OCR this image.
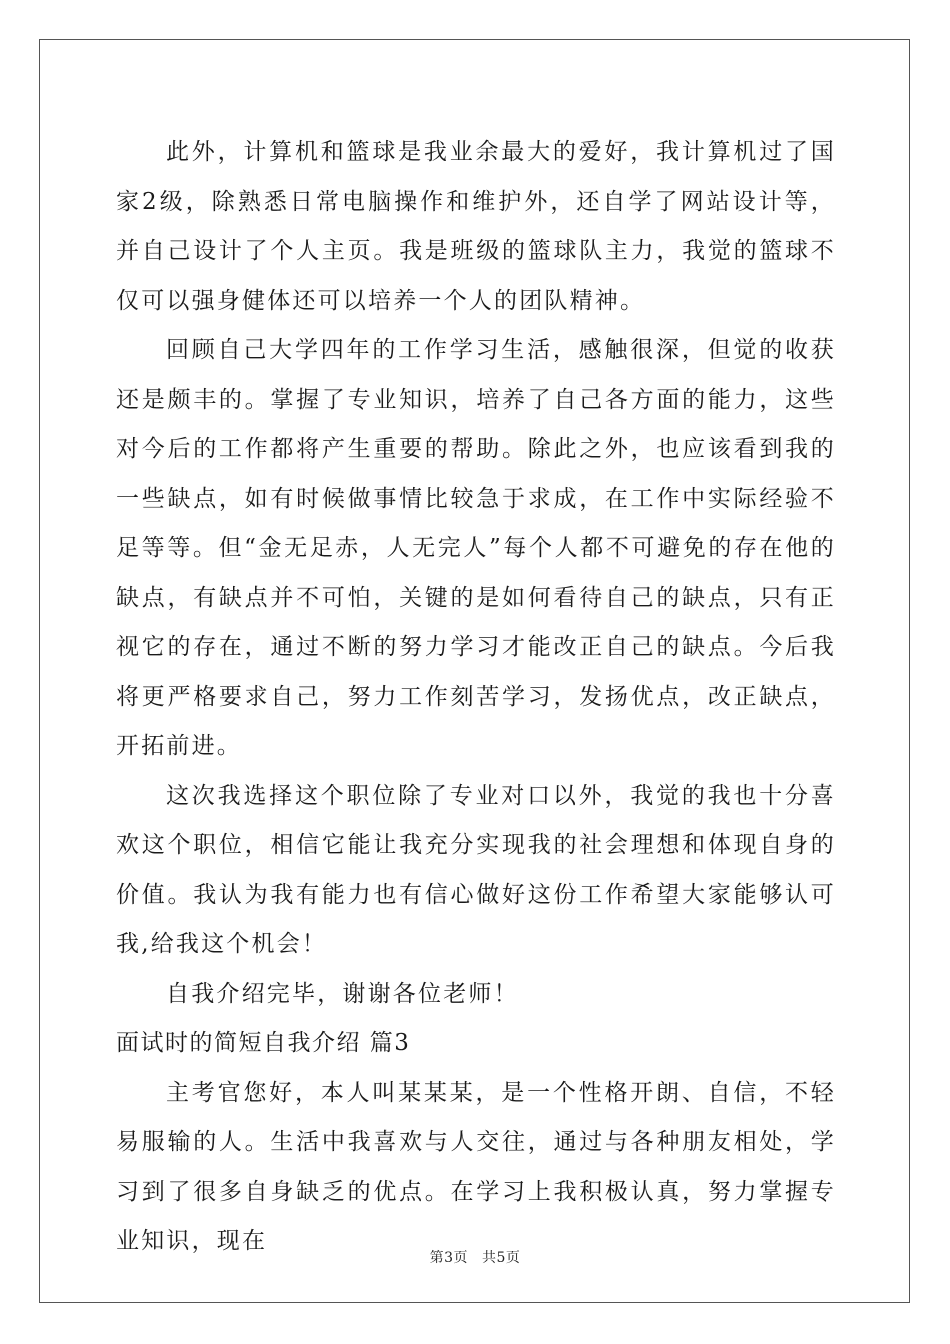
此外，计算机和篮球是我业余最大的爱好，我计算机过了国家2级，除熟悉日常电脑操作和维护外，还自学了网站设计等，并自己设计了个人主页。我是班级的篮球队主力，我觉的篮球不仅可以强身健体还可以培养一个人的团队精神。

回顾自己大学四年的工作学习生活，感触很深，但觉的收获还是颇丰的。掌握了专业知识，培养了自己各方面的能力，这些对今后的工作都将产生重要的帮助。除此之外，也应该看到我的一些缺点，如有时候做事情比较急于求成，在工作中实际经验不足等等。但“金无足赤，人无完人”每个人都不可避免的存在他的缺点，有缺点并不可怕，关键的是如何看待自己的缺点，只有正视它的存在，通过不断的努力学习才能改正自己的缺点。今后我将更严格要求自己，努力工作刻苦学习，发扬优点，改正缺点，开拓前进。

这次我选择这个职位除了专业对口以外，我觉的我也十分喜欢这个职位，相信它能让我充分实现我的社会理想和体现自身的价值。我认为我有能力也有信心做好这份工作希望大家能够认可我,给我这个机会！

自我介绍完毕，谢谢各位老师！

面试时的简短自我介绍 篇3

主考官您好，本人叫某某某，是一个性格开朗、自信，不轻易服输的人。生活中我喜欢与人交往，通过与各种朋友相处，学习到了很多自身缺乏的优点。在学习上我积极认真，努力掌握专业知识，现在

第3页 共5页
